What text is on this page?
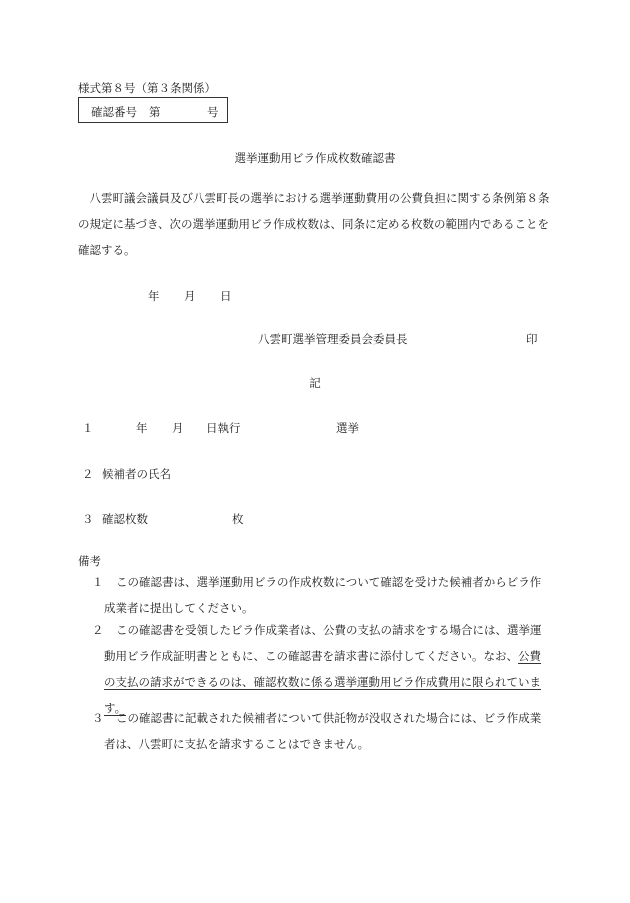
様式第８号（第３条関係）
確認番号 第	号
選挙運動用ビラ作成枚数確認書
八雲町議会議員及び八雲町長の選挙における選挙運動費用の公費負担に関する条例第８条の規定に基づき、次の選挙運動用ビラ作成枚数は、同条に定める枚数の範囲内であることを確認する。
年 月 日
八雲町選挙管理委員会委員長	印
記
１	年 月 日執行	選挙
２ 候補者の氏名
３ 確認枚数	枚
備考
１	この確認書は、選挙運動用ビラの作成枚数について確認を受けた候補者からビラ作成業者に提出してください。
２	この確認書を受領したビラ作成業者は、公費の支払の請求をする場合には、選挙運動用ビラ作成証明書とともに、この確認書を請求書に添付してください。なお、公費の支払の請求ができるのは、確認枚数に係る選挙運動用ビラ作成費用に限られています。
３	この確認書に記載された候補者について供託物が没収された場合には、ビラ作成業者は、八雲町に支払を請求することはできません。
